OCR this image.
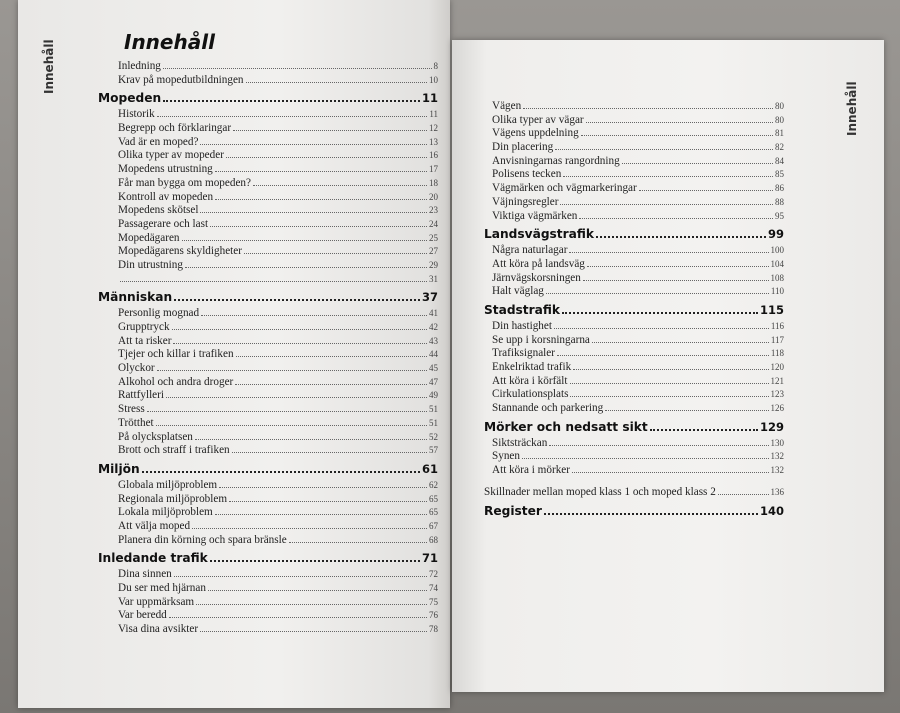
Innehåll
Innehåll
Innehåll
Inledning	8
Krav på mopedutbildningen	10
Mopeden	11
Historik	11
Begrepp och förklaringar	12
Vad är en moped?	13
Olika typer av mopeder	16
Mopedens utrustning	17
Får man bygga om mopeden?	18
Kontroll av mopeden	20
Mopedens skötsel	23
Passagerare och last	24
Mopedägaren	25
Mopedägarens skyldigheter	27
Din utrustning	29
31
Människan	37
Personlig mognad	41
Grupptryck	42
Att ta risker	43
Tjejer och killar i trafiken	44
Olyckor	45
Alkohol och andra droger	47
Rattfylleri	49
Stress	51
Trötthet	51
På olycksplatsen	52
Brott och straff i trafiken	57
Miljön	61
Globala miljöproblem	62
Regionala miljöproblem	65
Lokala miljöproblem	65
Att välja moped	67
Planera din körning och spara bränsle	68
Inledande trafik	71
Dina sinnen	72
Du ser med hjärnan	74
Var uppmärksam	75
Var beredd	76
Visa dina avsikter	78
Vägen	80
Olika typer av vägar	80
Vägens uppdelning	81
Din placering	82
Anvisningarnas rangordning	84
Polisens tecken	85
Vägmärken och vägmarkeringar	86
Väjningsregler	88
Viktiga vägmärken	95
Landsvägstrafik	99
Några naturlagar	100
Att köra på landsväg	104
Järnvägskorsningen	108
Halt väglag	110
Stadstrafik	115
Din hastighet	116
Se upp i korsningarna	117
Trafiksignaler	118
Enkelriktad trafik	120
Att köra i körfält	121
Cirkulationsplats	123
Stannande och parkering	126
Mörker och nedsatt sikt	129
Siktsträckan	130
Synen	132
Att köra i mörker	132
Skillnader mellan moped klass 1 och moped klass 2	136
Register	140
